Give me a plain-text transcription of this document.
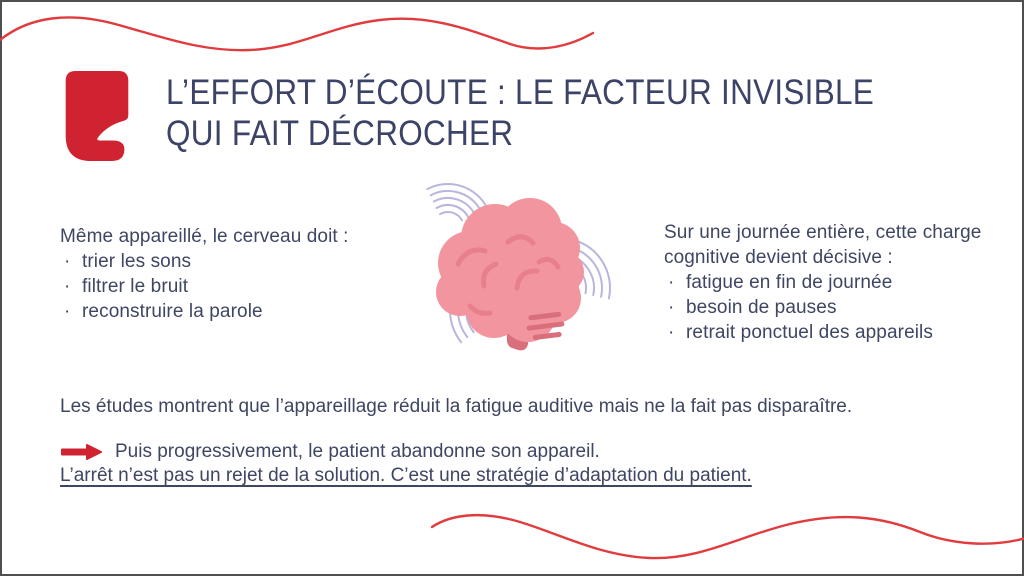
L’EFFORT D’ÉCOUTE : LE FACTEUR INVISIBLE
QUI FAIT DÉCROCHER
Même appareillé, le cerveau doit :
· trier les sons
· filtrer le bruit
· reconstruire la parole
Sur une journée entière, cette charge cognitive devient décisive :
· fatigue en fin de journée
· besoin de pauses
· retrait ponctuel des appareils
Les études montrent que l’appareillage réduit la fatigue auditive mais ne la fait pas disparaître.
Puis progressivement, le patient abandonne son appareil.
L’arrêt n’est pas un rejet de la solution. C’est une stratégie d’adaptation du patient.
